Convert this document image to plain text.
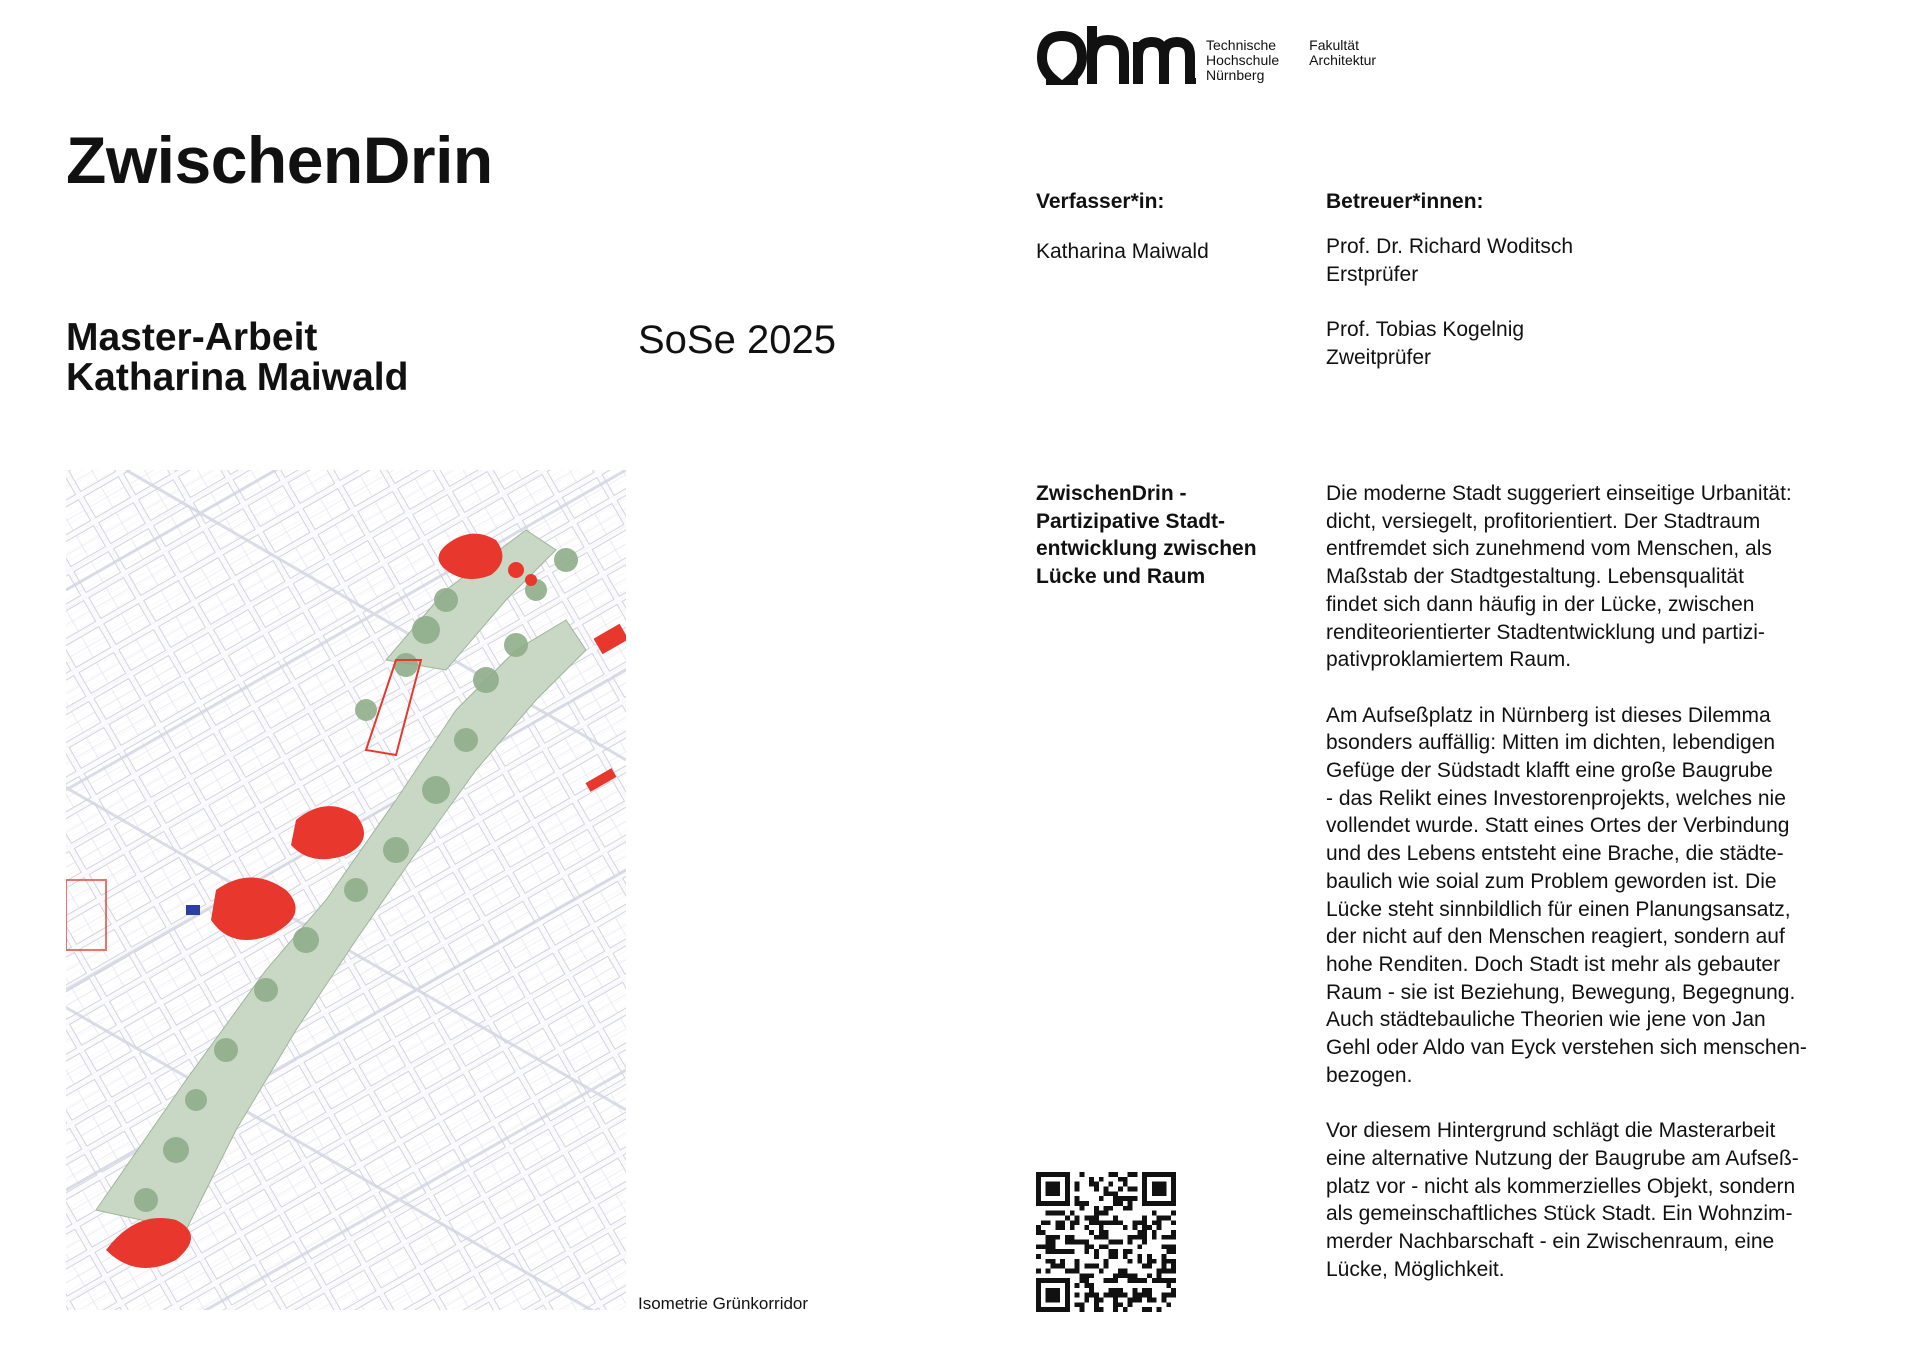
ZwischenDrin
Master-Arbeit
Katharina Maiwald
SoSe 2025
Isometrie Grünkorridor
Technische
Hochschule
Nürnberg
Fakultät
Architektur
Verfasser*in:
Katharina Maiwald
Betreuer*innen:
Prof. Dr. Richard Woditsch
Erstprüfer
Prof. Tobias Kogelnig
Zweitprüfer
ZwischenDrin -
Partizipative Stadt-
entwicklung zwischen
Lücke und Raum

Die moderne Stadt suggeriert einseitige Urbanität:
dicht, versiegelt, profitorientiert. Der Stadtraum
entfremdet sich zunehmend vom Menschen, als
Maßstab der Stadtgestaltung. Lebensqualität
findet sich dann häufig in der Lücke, zwischen
renditeorientierter Stadtentwicklung und partizi-
pativproklamiertem Raum.

Am Aufseßplatz in Nürnberg ist dieses Dilemma
bsonders auffällig: Mitten im dichten, lebendigen
Gefüge der Südstadt klafft eine große Baugrube
- das Relikt eines Investorenprojekts, welches nie
vollendet wurde. Statt eines Ortes der Verbindung
und des Lebens entsteht eine Brache, die städte-
baulich wie soial zum Problem geworden ist. Die
Lücke steht sinnbildlich für einen Planungsansatz,
der nicht auf den Menschen reagiert, sondern auf
hohe Renditen. Doch Stadt ist mehr als gebauter
Raum - sie ist Beziehung, Bewegung, Begegnung.
Auch städtebauliche Theorien wie jene von Jan
Gehl oder Aldo van Eyck verstehen sich menschen-
bezogen.

Vor diesem Hintergrund schlägt die Masterarbeit
eine alternative Nutzung der Baugrube am Aufseß-
platz vor - nicht als kommerzielles Objekt, sondern
als gemeinschaftliches Stück Stadt. Ein Wohnzim-
merder Nachbarschaft - ein Zwischenraum, eine
Lücke, Möglichkeit.
